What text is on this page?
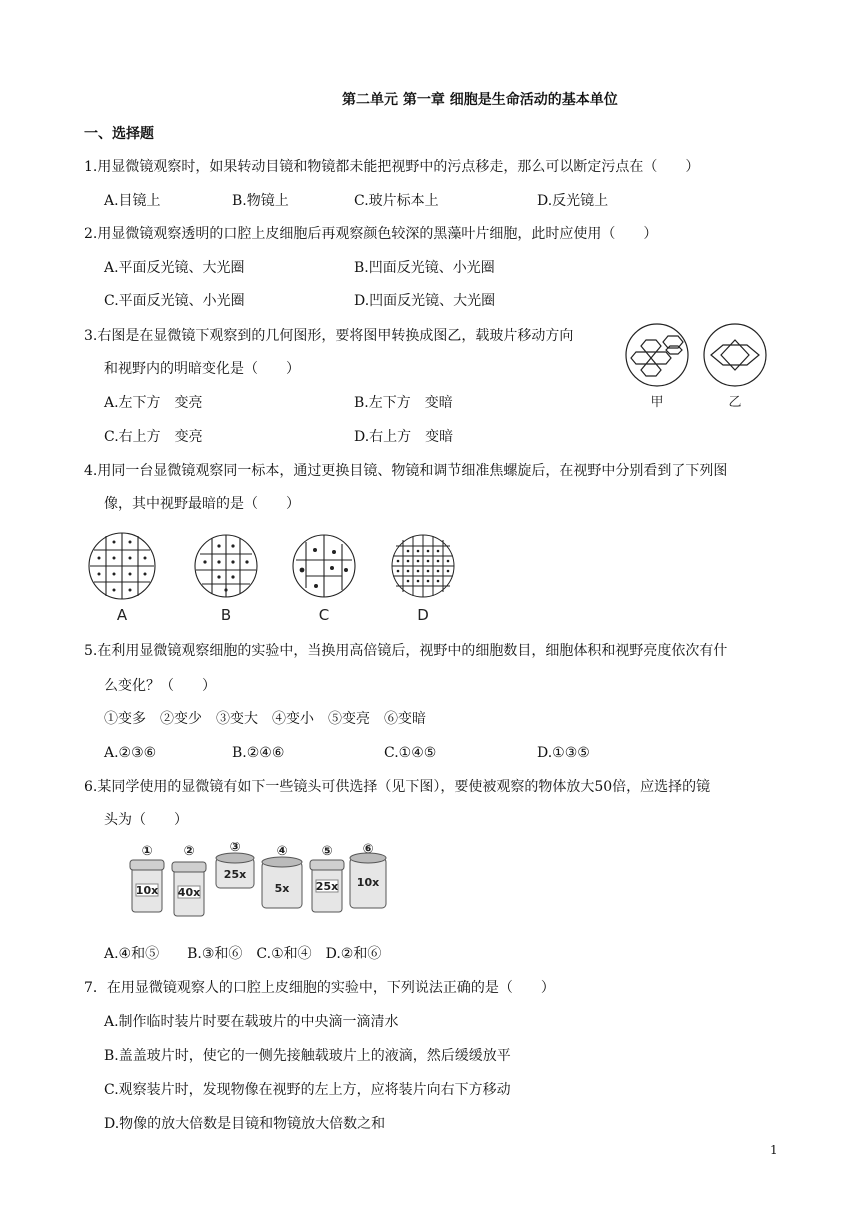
第二单元 第一章 细胞是生命活动的基本单位
一、选择题
1.用显微镜观察时，如果转动目镜和物镜都未能把视野中的污点移走，那么可以断定污点在（　　）
A.目镜上	B.物镜上	C.玻片标本上	D.反光镜上
2.用显微镜观察透明的口腔上皮细胞后再观察颜色较深的黑藻叶片细胞，此时应使用（　　）
A.平面反光镜、大光圈	B.凹面反光镜、小光圈
C.平面反光镜、小光圈	D.凹面反光镜、大光圈
3.右图是在显微镜下观察到的几何图形，要将图甲转换成图乙，载玻片移动方向
和视野内的明暗变化是（　　）
A.左下方　变亮	B.左下方　变暗
C.右上方　变亮	D.右上方　变暗
甲	乙
4.用同一台显微镜观察同一标本，通过更换目镜、物镜和调节细准焦螺旋后，在视野中分别看到了下列图
像，其中视野最暗的是（　　）
A	B	C	D
5.在利用显微镜观察细胞的实验中，当换用高倍镜后，视野中的细胞数目，细胞体积和视野亮度依次有什
么变化？（　　）
①变多　②变少　③变大　④变小　⑤变亮　⑥变暗
A.②③⑥	B.②④⑥	C.①④⑤	D.①③⑤
6.某同学使用的显微镜有如下一些镜头可供选择（见下图），要使被观察的物体放大50倍，应选择的镜
头为（　　）
10x 40x
25x
5x 25x 10x
① ②	③	④	⑤ ⑥
A.④和⑤　　B.③和⑥　C.①和④　D.②和⑥
7．在用显微镜观察人的口腔上皮细胞的实验中，下列说法正确的是（　　）
A.制作临时装片时要在载玻片的中央滴一滴清水
B.盖盖玻片时，使它的一侧先接触载玻片上的液滴，然后缓缓放平
C.观察装片时，发现物像在视野的左上方，应将装片向右下方移动
D.物像的放大倍数是目镜和物镜放大倍数之和
1
